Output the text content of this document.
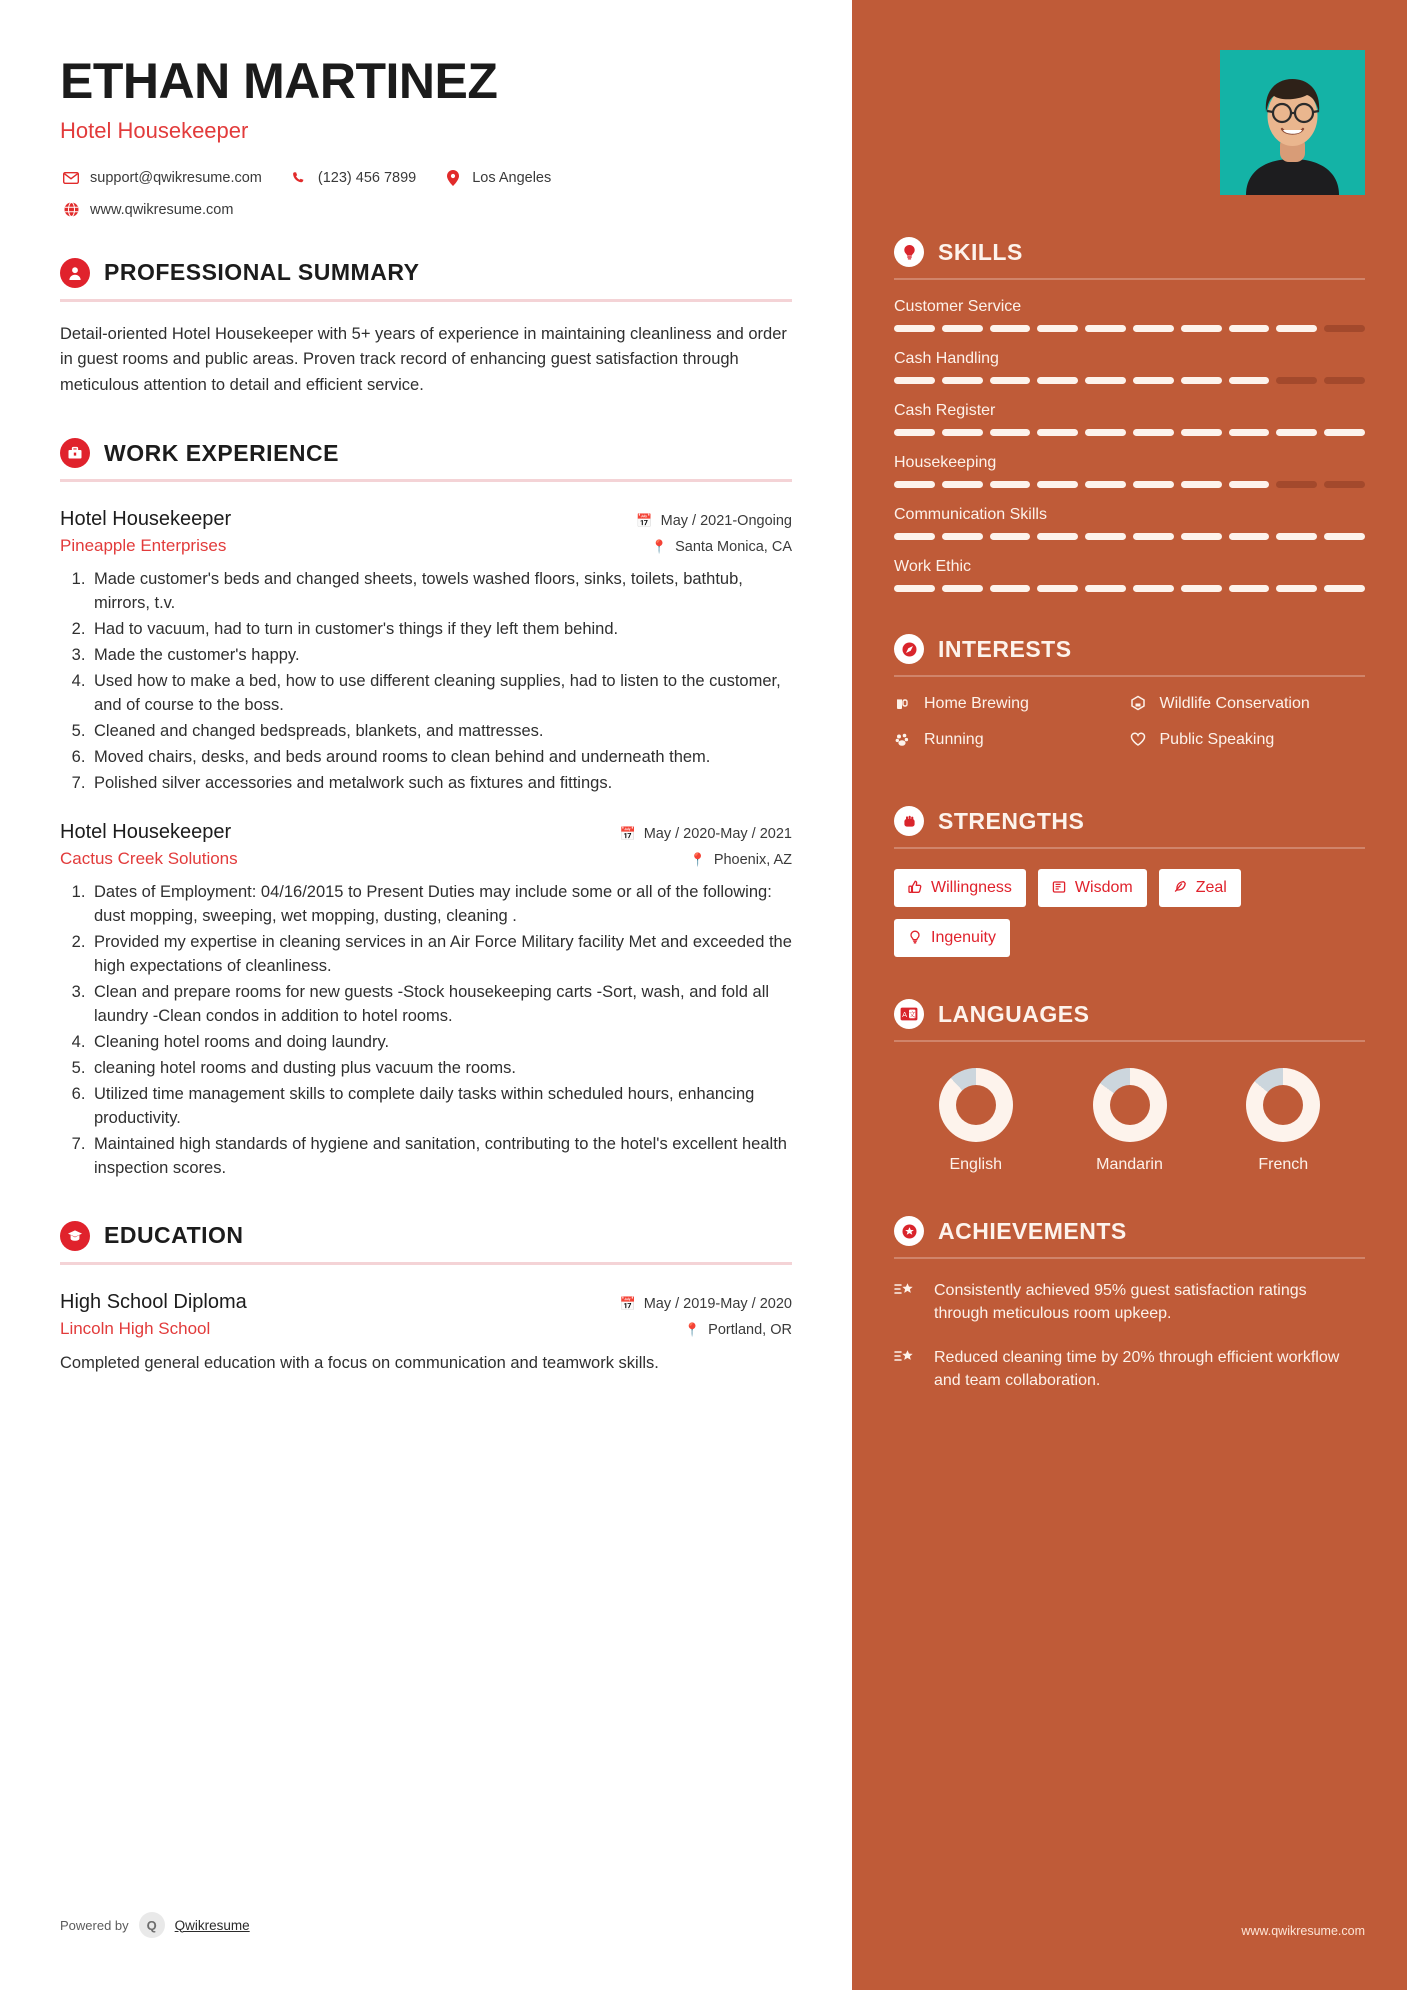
ETHAN MARTINEZ
Hotel Housekeeper
support@qwikresume.com	(123) 456 7899	Los Angeles
www.qwikresume.com
PROFESSIONAL SUMMARY
Detail-oriented Hotel Housekeeper with 5+ years of experience in maintaining cleanliness and order in guest rooms and public areas. Proven track record of enhancing guest satisfaction through meticulous attention to detail and efficient service.
WORK EXPERIENCE
Hotel Housekeeper	📅 May / 2021-Ongoing
Pineapple Enterprises	📍 Santa Monica, CA
1. Made customer's beds and changed sheets, towels washed floors, sinks, toilets, bathtub, mirrors, t.v.
2. Had to vacuum, had to turn in customer's things if they left them behind.
3. Made the customer's happy.
4. Used how to make a bed, how to use different cleaning supplies, had to listen to the customer, and of course to the boss.
5. Cleaned and changed bedspreads, blankets, and mattresses.
6. Moved chairs, desks, and beds around rooms to clean behind and underneath them.
7. Polished silver accessories and metalwork such as fixtures and fittings.
Hotel Housekeeper	📅 May / 2020-May / 2021
Cactus Creek Solutions	📍 Phoenix, AZ
1. Dates of Employment: 04/16/2015 to Present Duties may include some or all of the following: dust mopping, sweeping, wet mopping, dusting, cleaning .
2. Provided my expertise in cleaning services in an Air Force Military facility Met and exceeded the high expectations of cleanliness.
3. Clean and prepare rooms for new guests -Stock housekeeping carts -Sort, wash, and fold all laundry -Clean condos in addition to hotel rooms.
4. Cleaning hotel rooms and doing laundry.
5. cleaning hotel rooms and dusting plus vacuum the rooms.
6. Utilized time management skills to complete daily tasks within scheduled hours, enhancing productivity.
7. Maintained high standards of hygiene and sanitation, contributing to the hotel's excellent health inspection scores.
EDUCATION
High School Diploma	📅 May / 2019-May / 2020
Lincoln High School	📍 Portland, OR
Completed general education with a focus on communication and teamwork skills.
Powered by	Q	Qwikresume
SKILLS
Customer Service
Cash Handling
Cash Register
Housekeeping
Communication Skills
Work Ethic
INTERESTS
Home Brewing	Wildlife Conservation
Running	Public Speaking
STRENGTHS
Willingness	Wisdom	Zeal
Ingenuity
A 文 LANGUAGES
English	Mandarin	French
ACHIEVEMENTS
Consistently achieved 95% guest satisfaction ratings through meticulous room upkeep.
Reduced cleaning time by 20% through efficient workflow and team collaboration.
www.qwikresume.com
